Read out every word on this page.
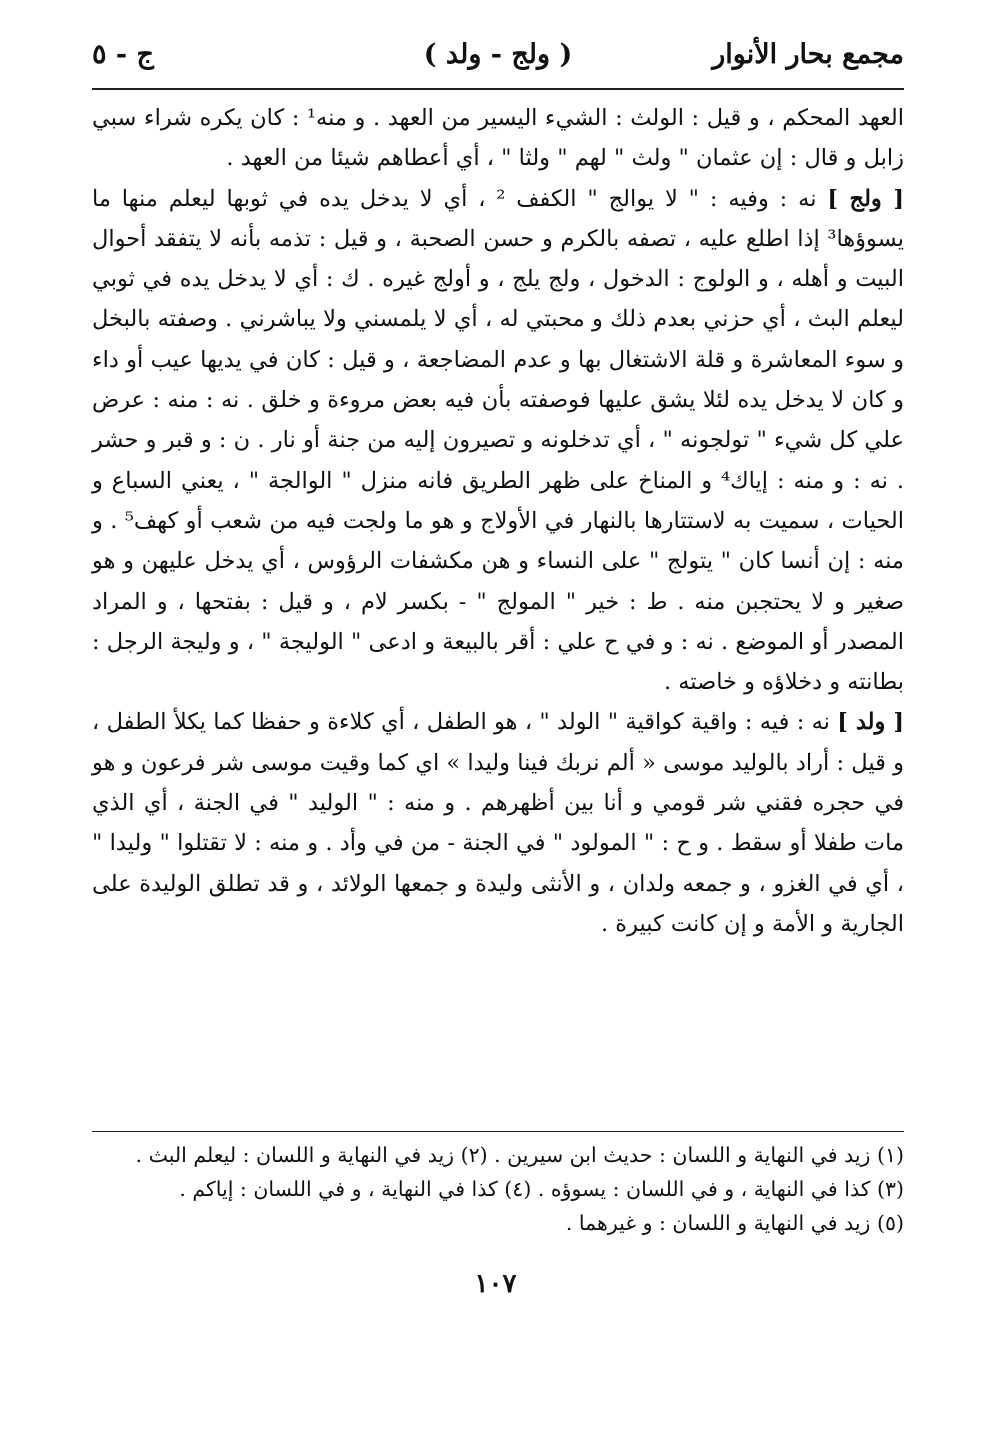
مجمع بحار الأنوار
( ولج - ولد )
ج - ٥

العهد المحكم ، و قيل : الولث : الشيء اليسير من العهد . و منه¹ : كان يكره شراء سبي زابل و قال : إن عثمان " ولث " لهم " ولثا " ، أي أعطاهم شيئا من العهد .

[ ولج ] نه : وفيه : " لا يوالج " الكفف ² ، أي لا يدخل يده في ثوبها ليعلم منها ما يسوؤها³ إذا اطلع عليه ، تصفه بالكرم و حسن الصحبة ، و قيل : تذمه بأنه لا يتفقد أحوال البيت و أهله ، و الولوج : الدخول ، ولج يلج ، و أولج غيره . ك : أي لا يدخل يده في ثوبي ليعلم البث ، أي حزني بعدم ذلك و محبتي له ، أي لا يلمسني ولا يباشرني . وصفته بالبخل و سوء المعاشرة و قلة الاشتغال بها و عدم المضاجعة ، و قيل : كان في يديها عيب أو داء و كان لا يدخل يده لئلا يشق عليها فوصفته بأن فيه بعض مروءة و خلق . نه : منه : عرض علي كل شيء " تولجونه " ، أي تدخلونه و تصيرون إليه من جنة أو نار . ن : و قبر و حشر . نه : و منه : إياك⁴ و المناخ على ظهر الطريق فانه منزل " الوالجة " ، يعني السباع و الحيات ، سميت به لاستتارها بالنهار في الأولاج و هو ما ولجت فيه من شعب أو كهف⁵ . و منه : إن أنسا كان " يتولج " على النساء و هن مكشفات الرؤوس ، أي يدخل عليهن و هو صغير و لا يحتجبن منه . ط : خير " المولج " - بكسر لام ، و قيل : بفتحها ، و المراد المصدر أو الموضع . نه : و في ح علي : أقر بالبيعة و ادعى " الوليجة " ، و وليجة الرجل : بطانته و دخلاؤه و خاصته .

[ ولد ] نه : فيه : واقية كواقية " الولد " ، هو الطفل ، أي كلاءة و حفظا كما يكلأ الطفل ، و قيل : أراد بالوليد موسى « ألم نربك فينا وليدا » اي كما وقيت موسى شر فرعون و هو في حجره فقني شر قومي و أنا بين أظهرهم . و منه : " الوليد " في الجنة ، أي الذي مات طفلا أو سقط . و ح : " المولود " في الجنة - من في وأد . و منه : لا تقتلوا " وليدا " ، أي في الغزو ، و جمعه ولدان ، و الأنثى وليدة و جمعها الولائد ، و قد تطلق الوليدة على الجارية و الأمة و إن كانت كبيرة .

(١) زيد في النهاية و اللسان : حديث ابن سيرين . (٢) زيد في النهاية و اللسان : ليعلم البث .
(٣) كذا في النهاية ، و في اللسان : يسوؤه . (٤) كذا في النهاية ، و في اللسان : إياكم .
(٥) زيد في النهاية و اللسان : و غيرهما .
١٠٧
